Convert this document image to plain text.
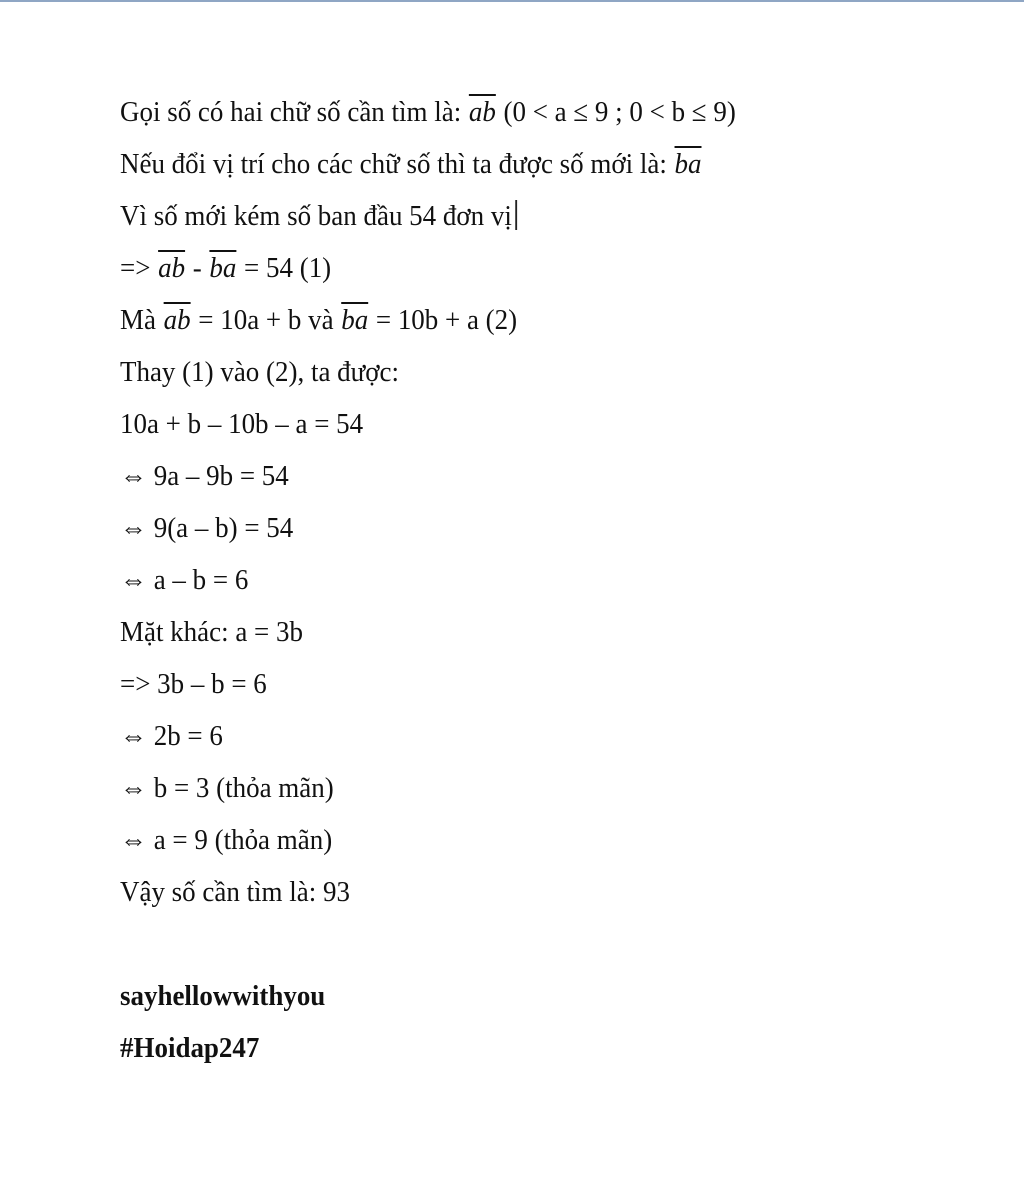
Gọi số có hai chữ số cần tìm là: $\overline{ab}$ (0 < a ≤ 9 ; 0 < b ≤ 9)
Nếu đổi vị trí cho các chữ số thì ta được số mới là: $\overline{ba}$
Vì số mới kém số ban đầu 54 đơn vị
=> $\overline{ab} - \overline{ba} = 54$ (1)
Mà $\overline{ab} = 10a + b$ và $\overline{ba} = 10b + a$ (2)
Thay (1) vào (2), ta được:
10a + b – 10b – a = 54
⇔ 9a – 9b = 54
⇔ 9(a – b) = 54
⇔ a – b = 6
Mặt khác: a = 3b
=> 3b – b = 6
⇔ 2b = 6
⇔ b = 3 (thỏa mãn)
⇔ a = 9 (thỏa mãn)
Vậy số cần tìm là: 93
sayhellowwithyou
#Hoidap247
